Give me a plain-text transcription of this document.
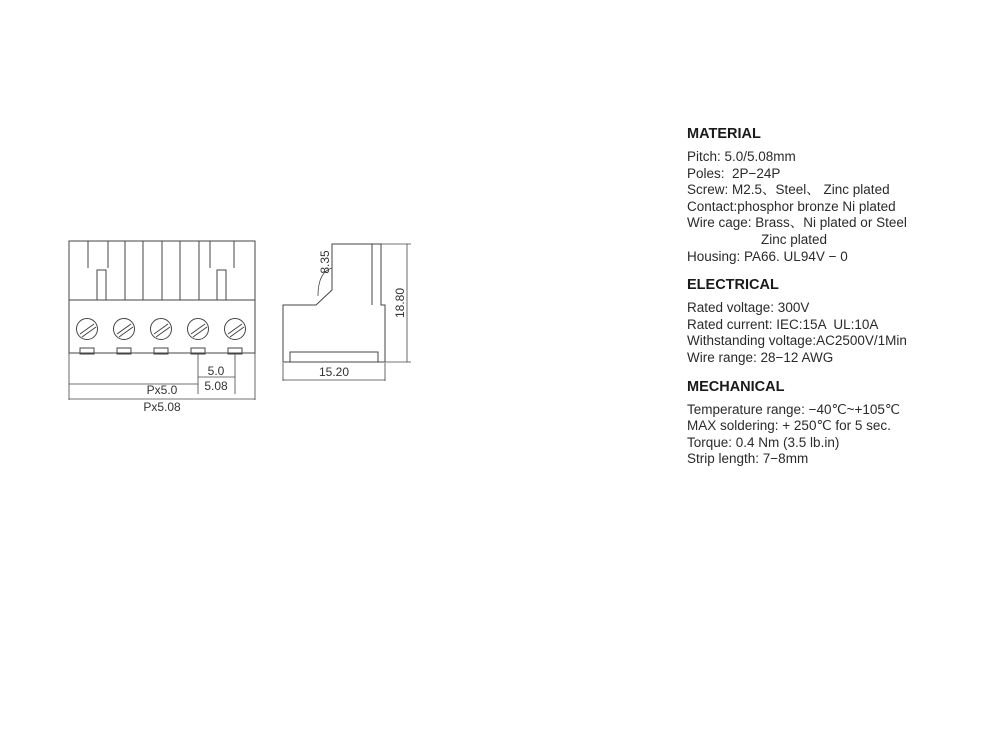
5.0
5.08
Px5.0
Px5.08
15.20
18.80
8.35

MATERIAL

Pitch: 5.0/5.08mm

Poles:  2P−24P

Screw: M2.5、Steel、 Zinc plated

Contact:phosphor bronze Ni plated

Wire cage: Brass、Ni plated or Steel

Zinc plated

Housing: PA66. UL94V − 0

ELECTRICAL

Rated voltage: 300V

Rated current: IEC:15A  UL:10A

Withstanding voltage:AC2500V/1Min

Wire range: 28−12 AWG

MECHANICAL

Temperature range: −40℃~+105℃

MAX soldering: + 250℃ for 5 sec.

Torque: 0.4 Nm (3.5 lb.in)

Strip length: 7−8mm
